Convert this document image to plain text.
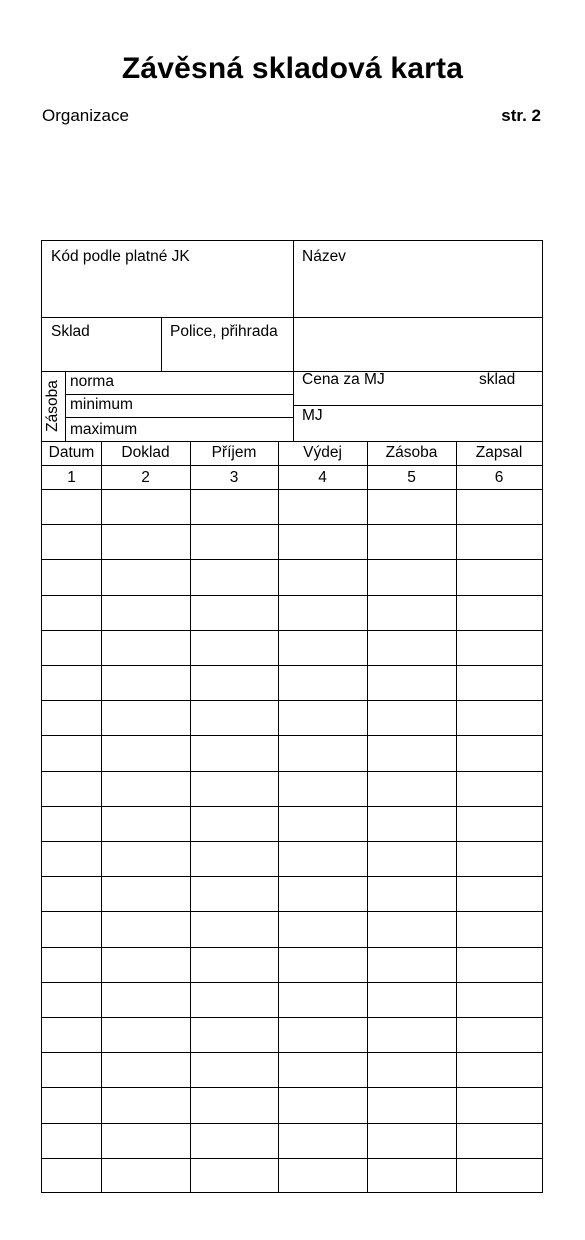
Závěsná skladová karta
Organizace	str. 2
Kód podle platné JK	Název
Sklad	Police, přihrada
Zásoba norma
minimum
maximum
Cena za MJ	sklad
MJ
Datum	Doklad	Příjem	Výdej	Zásoba	Zapsal
1	2	3	4	5	6
